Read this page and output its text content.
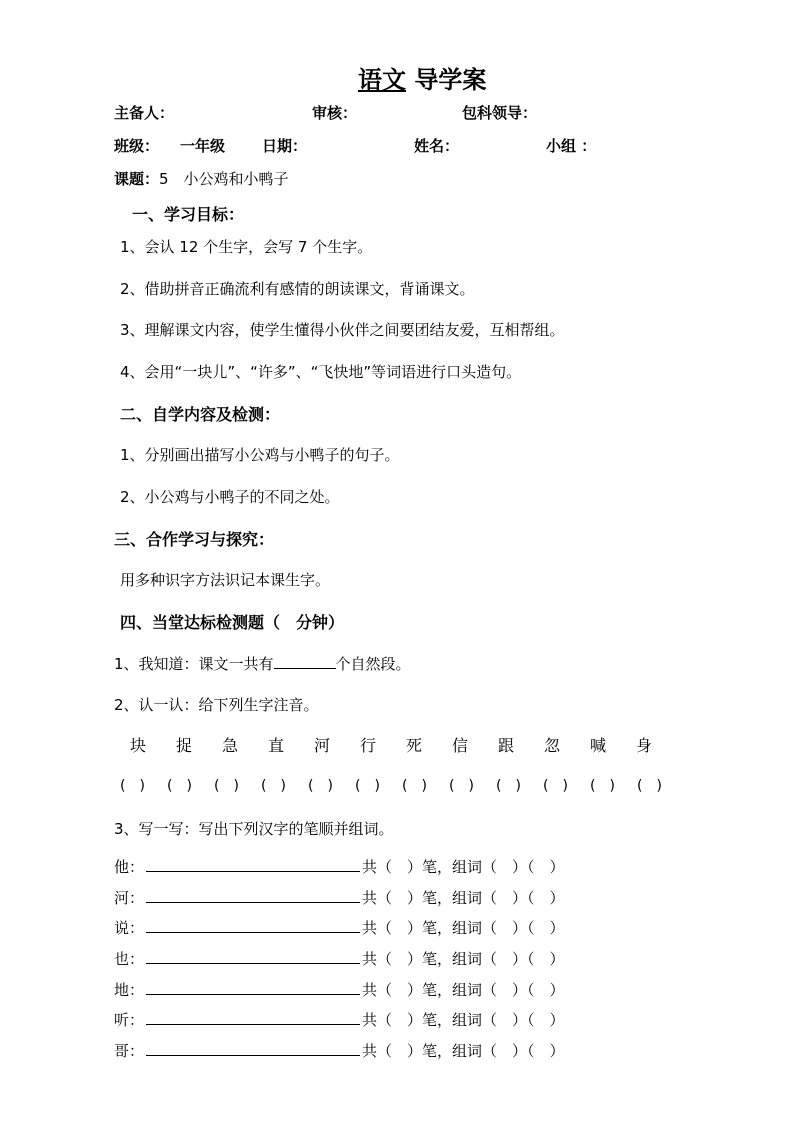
语文 导学案
主备人：	审核：	包科领导：
班级： 一年级 日期：	姓名：	小组 ：
课题：5　小公鸡和小鸭子
一、学习目标：
1、会认 12 个生字，会写 7 个生字。
2、借助拼音正确流利有感情的朗读课文，背诵课文。
3、理解课文内容，使学生懂得小伙伴之间要团结友爱，互相帮组。
4、会用“一块儿”、“许多”、“飞快地”等词语进行口头造句。
二、自学内容及检测：
1、分别画出描写小公鸡与小鸭子的句子。
2、小公鸡与小鸭子的不同之处。
三、合作学习与探究：
用多种识字方法识记本课生字。
四、当堂达标检测题（　分钟）
1、我知道：课文一共有	个自然段。
2、认一认：给下列生字注音。
块	捉	急	直	河	行	死	信	跟	忽	喊	身
(　)	(　)	(　)	(　)	(　)	(　)	(　)	(　)	(　)	(　)	(　)	(　)
3、写一写：写出下列汉字的笔顺并组词。
他：	共（　）笔，组词（　）（　）
河：	共（　）笔，组词（　）（　）
说：	共（　）笔，组词（　）（　）
也：	共（　）笔，组词（　）（　）
地：	共（　）笔，组词（　）（　）
听：	共（　）笔，组词（　）（　）
哥：	共（　）笔，组词（　）（　）
